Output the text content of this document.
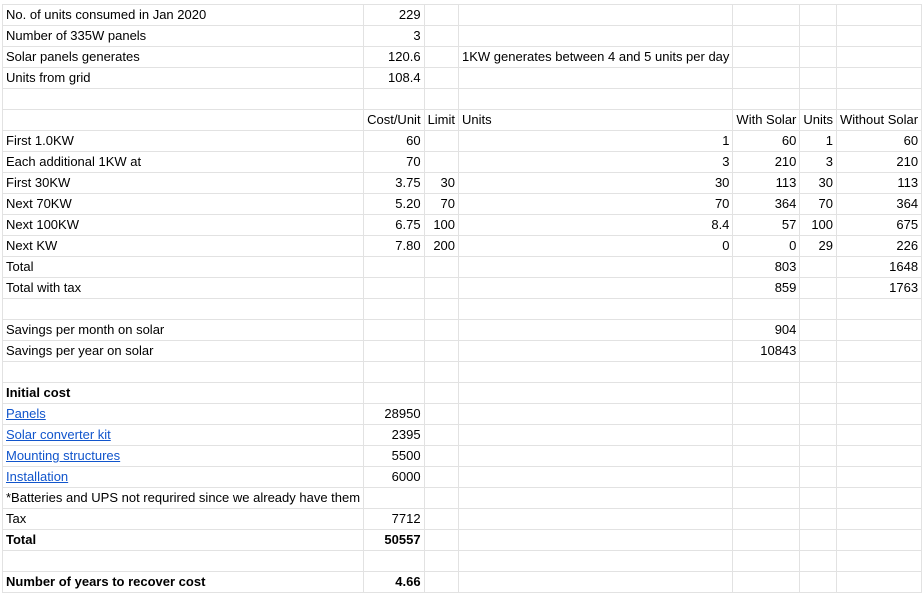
No. of units consumed in Jan 2020	229					
Number of 335W panels	3					
Solar panels generates	120.6		1KW generates between 4 and 5 units per day			
Units from grid	108.4					

	Cost/Unit	Limit	Units	With Solar	Units	Without Solar
First 1.0KW	60		1	60	1	60
Each additional 1KW at	70		3	210	3	210
First 30KW	3.75	30	30	113	30	113
Next 70KW	5.20	70	70	364	70	364
Next 100KW	6.75	100	8.4	57	100	675
Next KW	7.80	200	0	0	29	226
Total				803		1648
Total with tax				859		1763

Savings per month on solar				904		
Savings per year on solar				10843		

Initial cost						
Panels	28950					
Solar converter kit	2395					
Mounting structures	5500					
Installation	6000					
*Batteries and UPS not requrired since we already have them						
Tax	7712					
Total	50557					

Number of years to recover cost	4.66					
